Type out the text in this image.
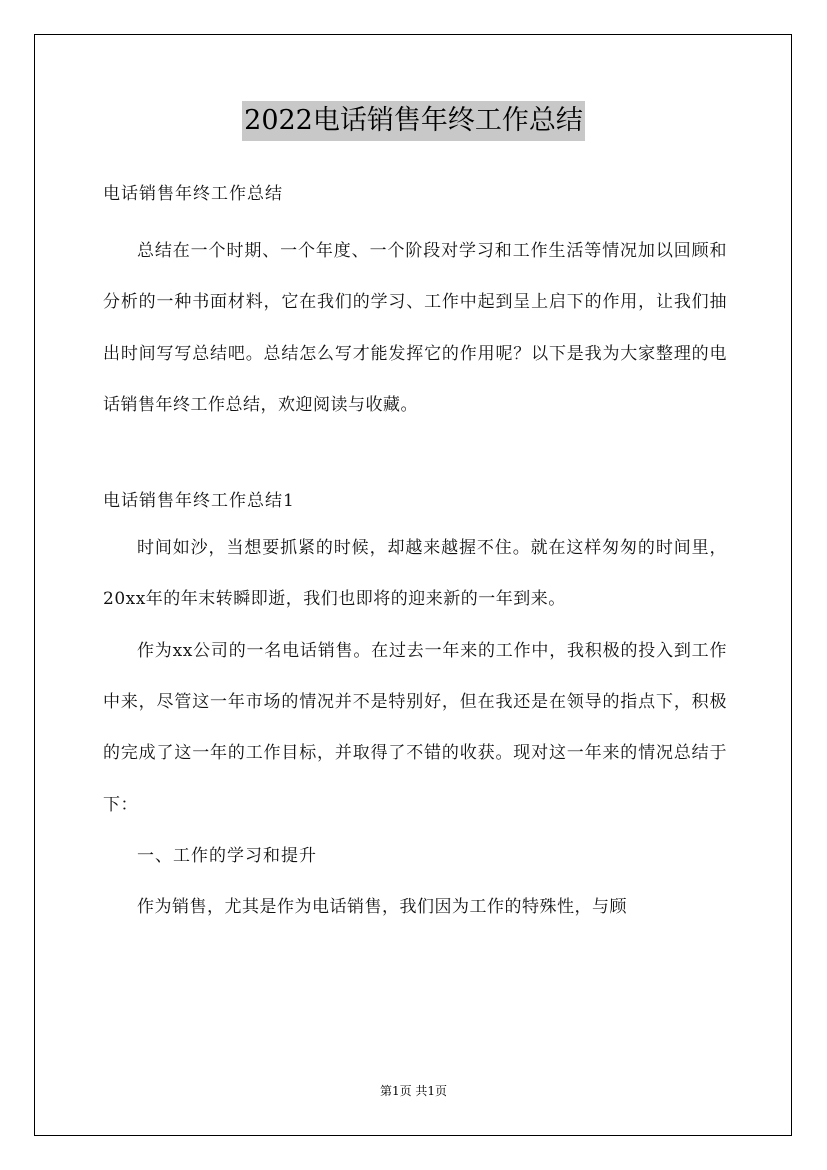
2022电话销售年终工作总结

电话销售年终工作总结

总结在一个时期、一个年度、一个阶段对学习和工作生活等情况加以回顾和分析的一种书面材料，它在我们的学习、工作中起到呈上启下的作用，让我们抽出时间写写总结吧。总结怎么写才能发挥它的作用呢？以下是我为大家整理的电话销售年终工作总结，欢迎阅读与收藏。

电话销售年终工作总结1

时间如沙，当想要抓紧的时候，却越来越握不住。就在这样匆匆的时间里，20xx年的年末转瞬即逝，我们也即将的迎来新的一年到来。

作为xx公司的一名电话销售。在过去一年来的工作中，我积极的投入到工作中来，尽管这一年市场的情况并不是特别好，但在我还是在领导的指点下，积极的完成了这一年的工作目标，并取得了不错的收获。现对这一年来的情况总结于下：

一、工作的学习和提升

作为销售，尤其是作为电话销售，我们因为工作的特殊性，与顾

第1页 共1页
